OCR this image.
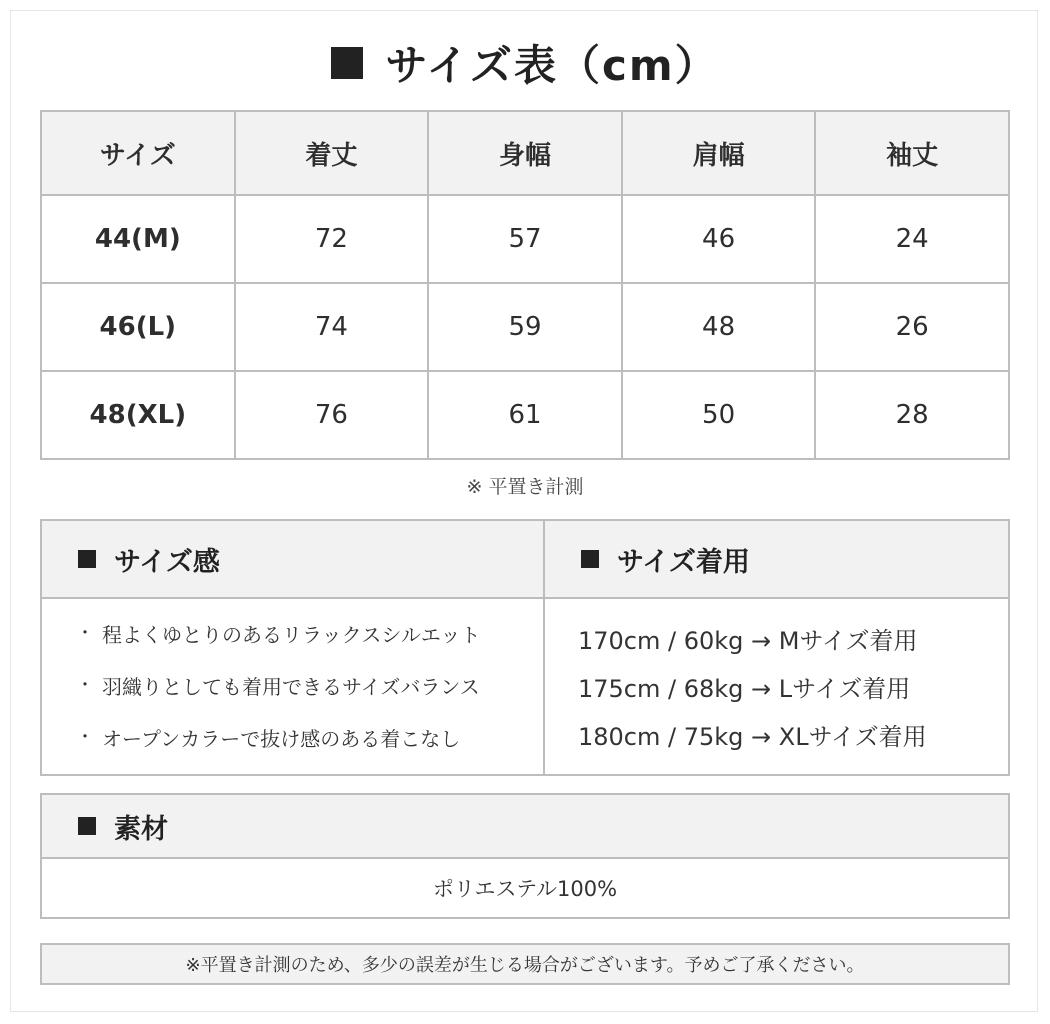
サイズ表（cm）
サイズ	着丈	身幅	肩幅	袖丈
44(M)	72	57	46	24
46(L)	74	59	48	26
48(XL)	76	61	50	28
※ 平置き計測
サイズ感
・ 程よくゆとりのあるリラックスシルエット
・ 羽織りとしても着用できるサイズバランス
・ オープンカラーで抜け感のある着こなし
サイズ着用
170cm / 60kg → Mサイズ着用
175cm / 68kg → Lサイズ着用
180cm / 75kg → XLサイズ着用
素材
ポリエステル100%
※平置き計測のため、多少の誤差が生じる場合がございます。予めご了承ください。
